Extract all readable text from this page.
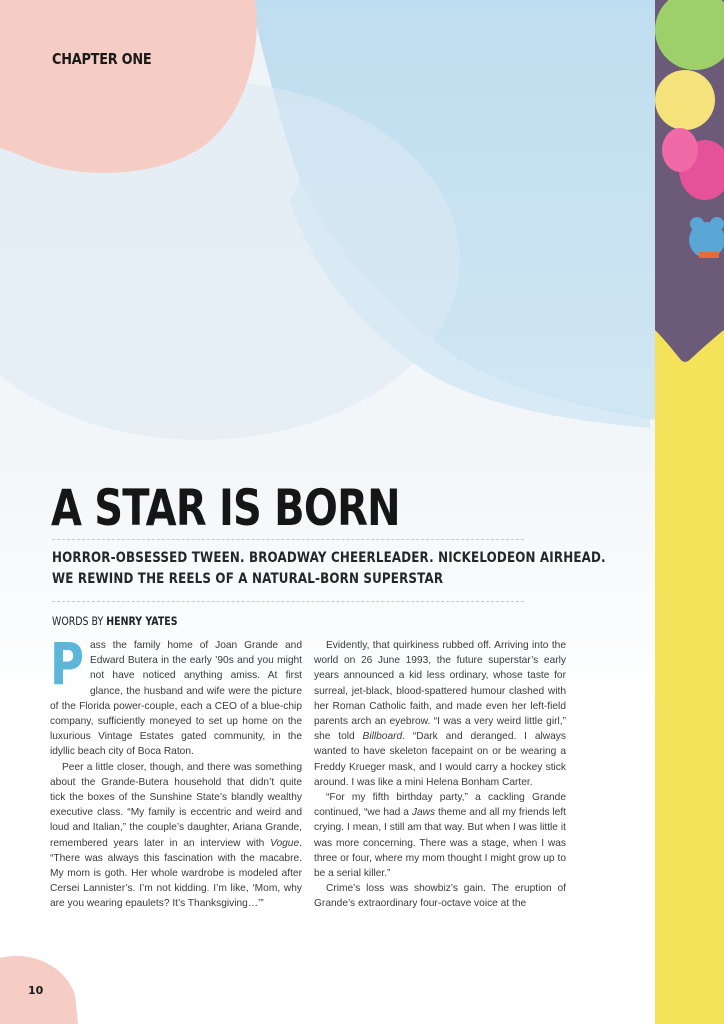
CHAPTER ONE
A STAR IS BORN
HORROR-OBSESSED TWEEN. BROADWAY CHEERLEADER. NICKELODEON AIRHEAD.
WE REWIND THE REELS OF A NATURAL-BORN SUPERSTAR
WORDS BY HENRY YATES

Pass the family home of Joan Grande and Edward Butera in the early ’90s and you might not have noticed anything amiss. At first glance, the husband and wife were the picture of the Florida power-couple, each a CEO of a blue-chip company, sufficiently moneyed to set up home on the luxurious Vintage Estates gated community, in the idyllic beach city of Boca Raton.

Peer a little closer, though, and there was something about the Grande-Butera household that didn’t quite tick the boxes of the Sunshine State’s blandly wealthy executive class. “My family is eccentric and weird and loud and Italian,” the couple’s daughter, Ariana Grande, remembered years later in an interview with Vogue. “There was always this fascination with the macabre. My mom is goth. Her whole wardrobe is modeled after Cersei Lannister’s. I’m not kidding. I’m like, ‘Mom, why are you wearing epaulets? It’s Thanksgiving…’”

Evidently, that quirkiness rubbed off. Arriving into the world on 26 June 1993, the future superstar’s early years announced a kid less ordinary, whose taste for surreal, jet-black, blood-spattered humour clashed with her Roman Catholic faith, and made even her left-field parents arch an eyebrow. “I was a very weird little girl,” she told Billboard. “Dark and deranged. I always wanted to have skeleton facepaint on or be wearing a Freddy Krueger mask, and I would carry a hockey stick around. I was like a mini Helena Bonham Carter.

“For my fifth birthday party,” a cackling Grande continued, “we had a Jaws theme and all my friends left crying. I mean, I still am that way. But when I was little it was more concerning. There was a stage, when I was three or four, where my mom thought I might grow up to be a serial killer.”

Crime’s loss was showbiz’s gain. The eruption of Grande’s extraordinary four-octave voice at the

10
